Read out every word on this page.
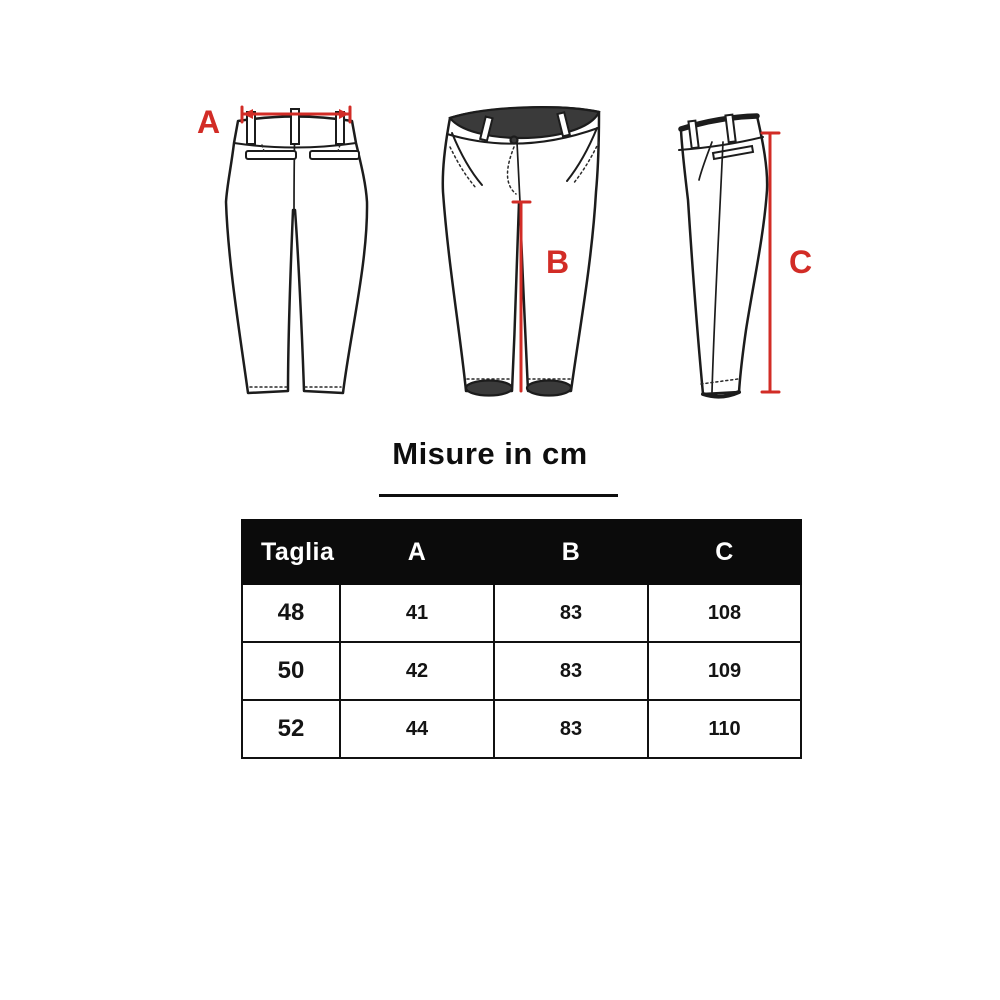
A
B	C
Misure in cm
Taglia	A	B	C
48	41	83	108
50	42	83	109
52	44	83	110
